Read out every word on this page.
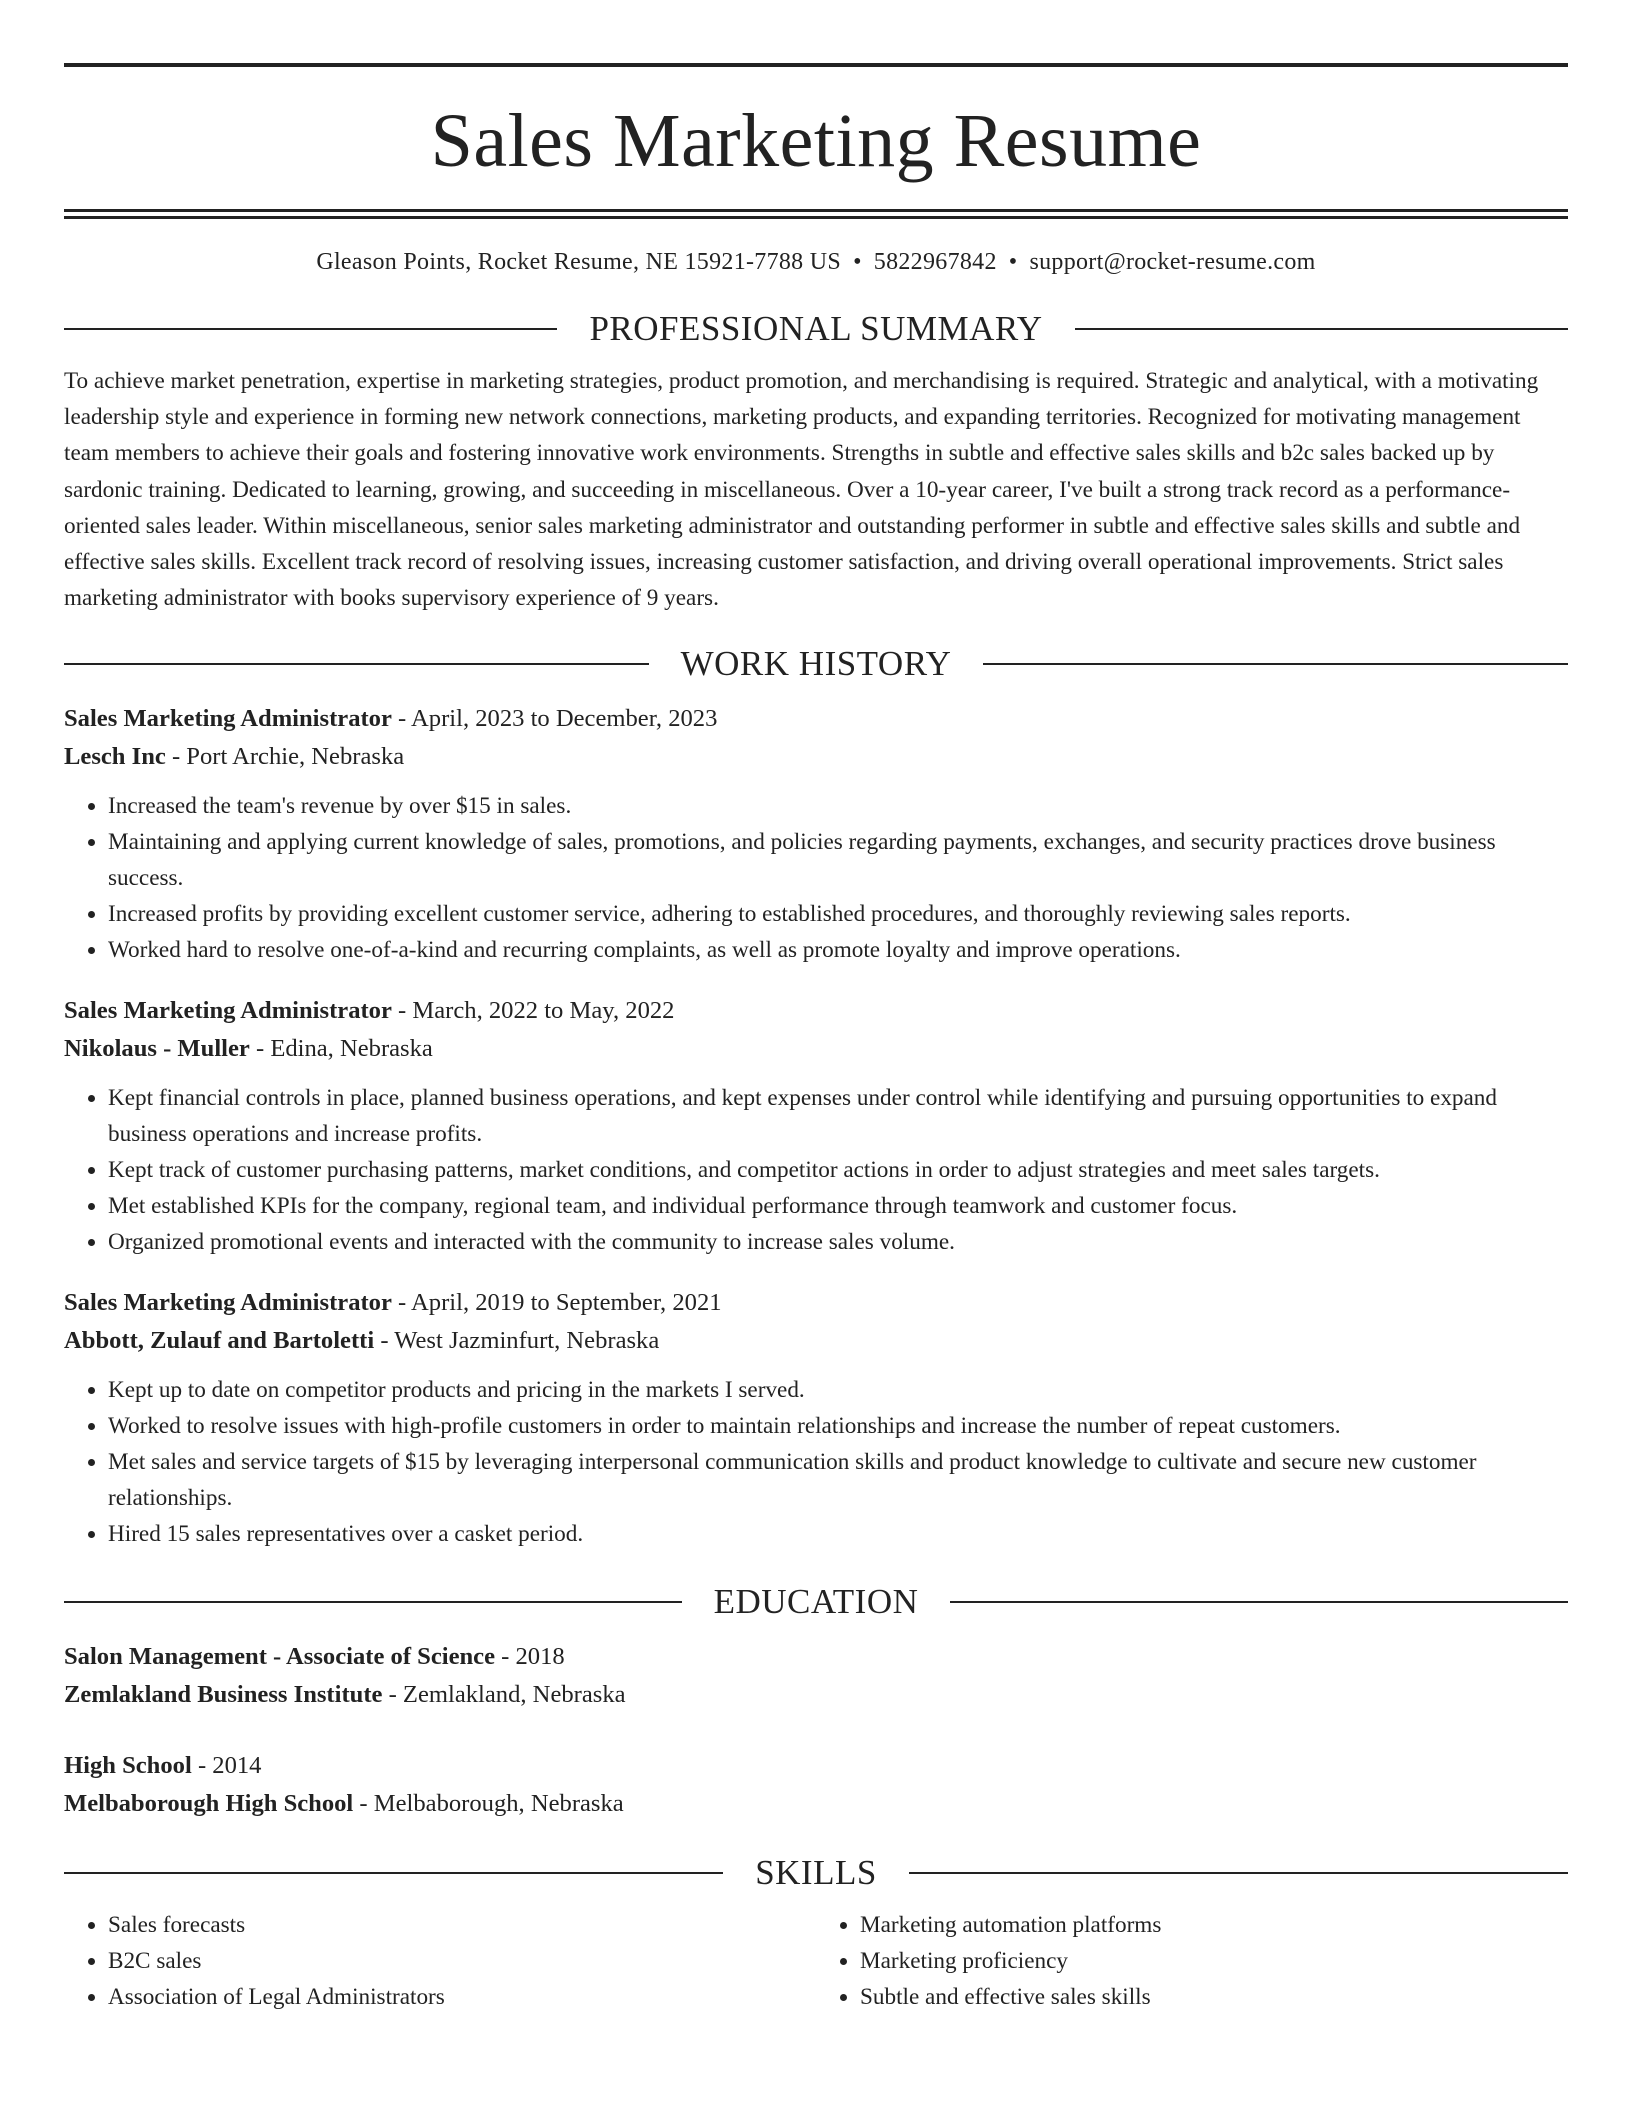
Sales Marketing Resume
Gleason Points, Rocket Resume, NE 15921-7788 US • 5822967842 • support@rocket-resume.com
PROFESSIONAL SUMMARY
To achieve market penetration, expertise in marketing strategies, product promotion, and merchandising is required. Strategic and analytical, with a motivating leadership style and experience in forming new network connections, marketing products, and expanding territories. Recognized for motivating management team members to achieve their goals and fostering innovative work environments. Strengths in subtle and effective sales skills and b2c sales backed up by sardonic training. Dedicated to learning, growing, and succeeding in miscellaneous. Over a 10-year career, I've built a strong track record as a performance-oriented sales leader. Within miscellaneous, senior sales marketing administrator and outstanding performer in subtle and effective sales skills and subtle and effective sales skills. Excellent track record of resolving issues, increasing customer satisfaction, and driving overall operational improvements. Strict sales marketing administrator with books supervisory experience of 9 years.
WORK HISTORY
Sales Marketing Administrator - April, 2023 to December, 2023
Lesch Inc - Port Archie, Nebraska
• Increased the team's revenue by over $15 in sales.
• Maintaining and applying current knowledge of sales, promotions, and policies regarding payments, exchanges, and security practices drove business success.
• Increased profits by providing excellent customer service, adhering to established procedures, and thoroughly reviewing sales reports.
• Worked hard to resolve one-of-a-kind and recurring complaints, as well as promote loyalty and improve operations.
Sales Marketing Administrator - March, 2022 to May, 2022
Nikolaus - Muller - Edina, Nebraska
• Kept financial controls in place, planned business operations, and kept expenses under control while identifying and pursuing opportunities to expand business operations and increase profits.
• Kept track of customer purchasing patterns, market conditions, and competitor actions in order to adjust strategies and meet sales targets.
• Met established KPIs for the company, regional team, and individual performance through teamwork and customer focus.
• Organized promotional events and interacted with the community to increase sales volume.
Sales Marketing Administrator - April, 2019 to September, 2021
Abbott, Zulauf and Bartoletti - West Jazminfurt, Nebraska
• Kept up to date on competitor products and pricing in the markets I served.
• Worked to resolve issues with high-profile customers in order to maintain relationships and increase the number of repeat customers.
• Met sales and service targets of $15 by leveraging interpersonal communication skills and product knowledge to cultivate and secure new customer relationships.
• Hired 15 sales representatives over a casket period.
EDUCATION
Salon Management - Associate of Science - 2018
Zemlakland Business Institute - Zemlakland, Nebraska
High School - 2014
Melbaborough High School - Melbaborough, Nebraska
SKILLS
• Sales forecasts
• B2C sales
• Association of Legal Administrators
• Marketing automation platforms
• Marketing proficiency
• Subtle and effective sales skills
